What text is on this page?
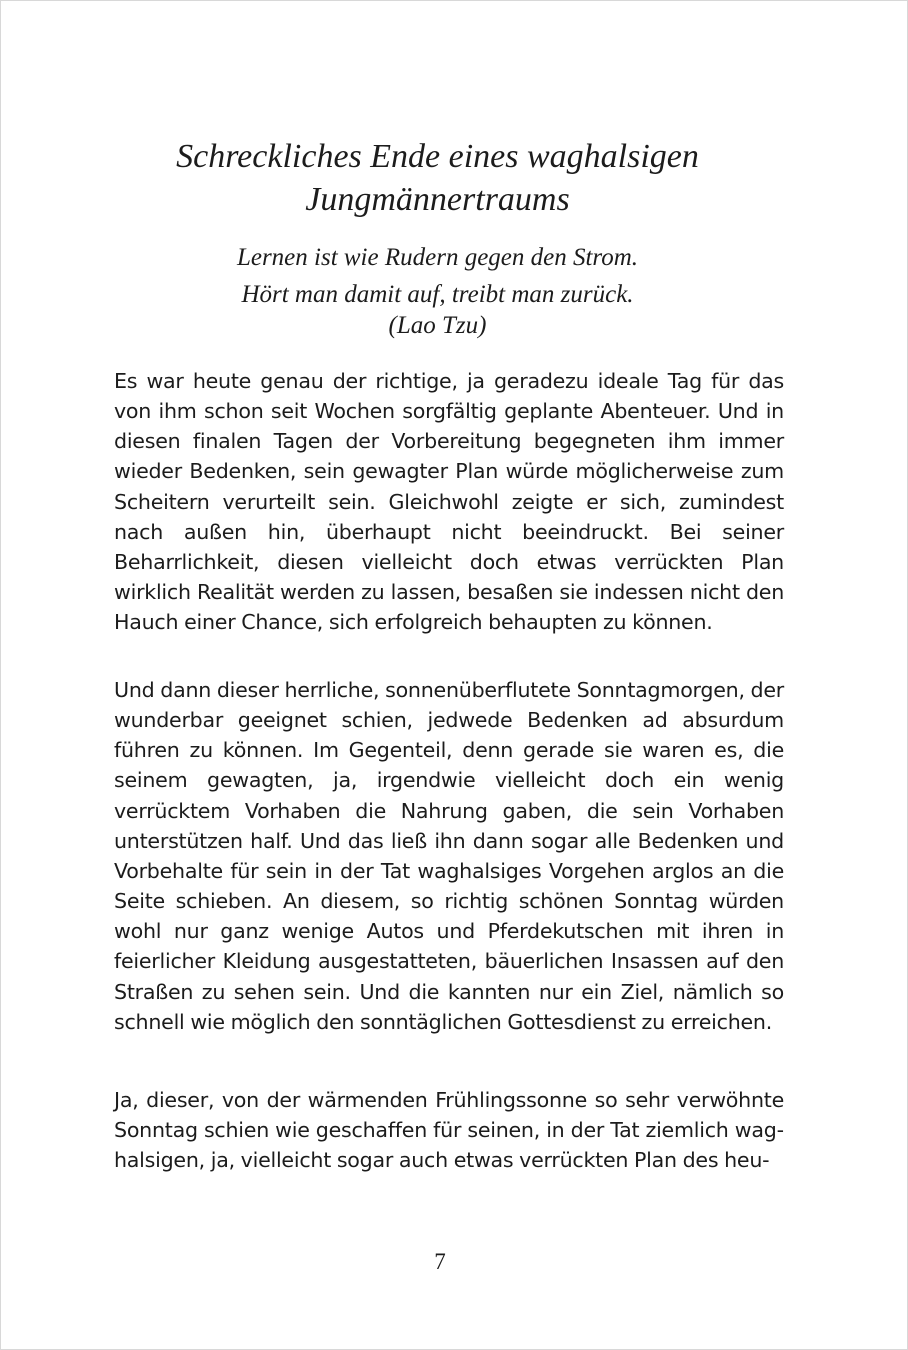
Schreckliches Ende eines waghalsigen
Jungmännertraums

Lernen ist wie Rudern gegen den Strom.

Hört man damit auf, treibt man zurück.

(Lao Tzu)

Es war heute genau der richtige, ja geradezu ideale Tag für das von ihm schon seit Wochen sorgfältig geplante Abenteuer. Und in diesen finalen Tagen der Vorbereitung begegneten ihm immer wieder Bedenken, sein gewagter Plan würde möglicherweise zum Scheitern verurteilt sein. Gleichwohl zeigte er sich, zumindest nach außen hin, überhaupt nicht beeindruckt. Bei seiner Beharrlichkeit, diesen vielleicht doch etwas verrückten Plan wirklich Realität werden zu lassen, besaßen sie indessen nicht den Hauch einer Chance, sich erfolgreich behaupten zu können.

Und dann dieser herrliche, sonnenüberflutete Sonntagmorgen, der wunderbar geeignet schien, jedwede Bedenken ad absurdum führen zu können. Im Gegenteil, denn gerade sie waren es, die seinem gewagten, ja, irgendwie vielleicht doch ein wenig verrücktem Vorhaben die Nahrung gaben, die sein Vorhaben unterstützen half. Und das ließ ihn dann sogar alle Bedenken und Vorbehalte für sein in der Tat waghalsiges Vorgehen arglos an die Seite schieben. An diesem, so richtig schönen Sonntag würden wohl nur ganz wenige Autos und Pferdekutschen mit ihren in feierlicher Kleidung ausgestatteten, bäuerlichen Insassen auf den Straßen zu sehen sein. Und die kannten nur ein Ziel, nämlich so schnell wie möglich den sonntäglichen Gottesdienst zu erreichen.

Ja, dieser, von der wärmenden Frühlingssonne so sehr verwöhnte Sonntag schien wie geschaffen für seinen, in der Tat ziemlich waghalsigen, ja, vielleicht sogar auch etwas verrückten Plan des heu-

7
